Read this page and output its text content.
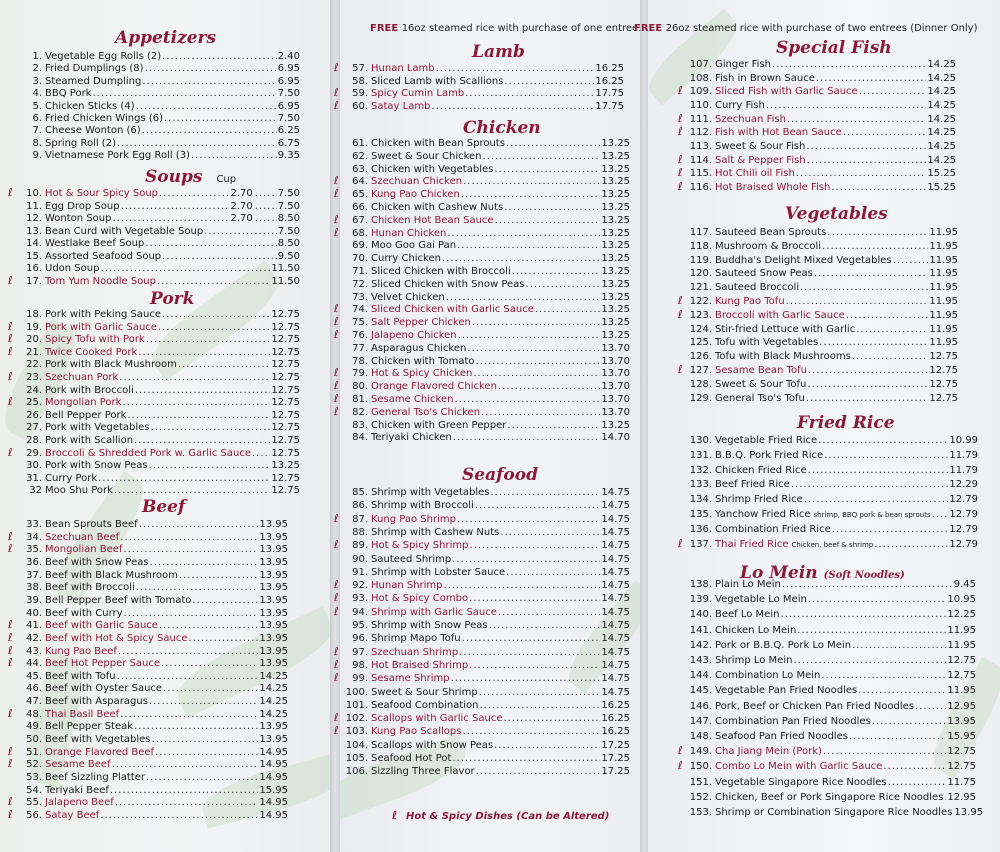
Appetizers
1. Vegetable Egg Rolls (2) .....	2.40
2. Fried Dumplings (8) .....	6.95
3. Steamed Dumpling .....	6.95
4. BBQ Pork .....	7.50
5. Chicken Sticks (4) .....	6.95
6. Fried Chicken Wings (6) .....	7.50
7. Cheese Wonton (6) .....	6.25
8. Spring Roll (2) .....	6.75
9. Vietnamese Pork Egg Roll (3) .....	9.35
Soups Cup
ℓ
10. Hot & Sour Spicy Soup .....	2.70 .....	7.50
11. Egg Drop Soup .....	2.70 .....	7.50
12. Wonton Soup .....	2.70 .....	8.50
13. Bean Curd with Vegetable Soup .....	7.50
14. Westlake Beef Soup .....	8.50
15. Assorted Seafood Soup .....	9.50
16. Udon Soup .....	11.50
ℓ
17. Tom Yum Noodle Soup .....	11.50
Pork
18. Pork with Peking Sauce .....	12.75
ℓ
19. Pork with Garlic Sauce .....	12.75
ℓ
20. Spicy Tofu with Pork .....	12.75
ℓ
21. Twice Cooked Pork .....	12.75
22. Pork with Black Mushroom .....	12.75
ℓ
23. Szechuan Pork .....	12.75
24. Pork with Broccoli .....	12.75
ℓ
25. Mongolian Pork .....	12.75
26. Bell Pepper Pork .....	12.75
27. Pork with Vegetables .....	12.75
28. Pork with Scallion .....	12.75
ℓ
29. Broccoli & Shredded Pork w. Garlic Sauce ..... 12.75
30. Pork with Snow Peas .....	13.25
31. Curry Pork .....	12.75
32 Moo Shu Pork .....	12.75
Beef
33. Bean Sprouts Beef .....	13.95
ℓ
34. Szechuan Beef .....	13.95
ℓ
35. Mongolian Beef .....	13.95
36. Beef with Snow Peas .....	13.95
37. Beef with Black Mushroom .....	13.95
38. Beef with Broccoli .....	13.95
39. Bell Pepper Beef with Tomato .....	13.95
40. Beef with Curry .....	13.95
ℓ
41. Beef with Garlic Sauce .....	13.95
ℓ
42. Beef with Hot & Spicy Sauce .....	13.95
ℓ
43. Kung Pao Beef .....	13.95
ℓ
44. Beef Hot Pepper Sauce .....	13.95
45. Beef with Tofu .....	14.25
46. Beef with Oyster Sauce .....	14.25
47. Beef with Asparagus .....	14.25
ℓ
48. Thai Basil Beef .....	14.25
49. Bell Pepper Steak .....	13.95
50. Beef with Vegetables .....	13.95
ℓ
51. Orange Flavored Beef .....	14.95
ℓ
52. Sesame Beef .....	14.95
53. Beef Sizzling Platter .....	14.95
54. Teriyaki Beef .....	15.95
ℓ
55. Jalapeno Beef .....	14.95
ℓ
56. Satay Beef .....	14.95
Lamb
ℓ
57. Hunan Lamb .....	16.25
58. Sliced Lamb with Scallions .....	16.25
ℓ
59. Spicy Cumin Lamb .....	17.75
ℓ
60. Satay Lamb .....	17.75
Chicken
61. Chicken with Bean Sprouts .....	13.25
62. Sweet & Sour Chicken .....	13.25
63. Chicken with Vegetables .....	13.25
ℓ
64. Szechuan Chicken .....	13.25
ℓ
65. Kung Pao Chicken .....	13.25
66. Chicken with Cashew Nuts .....	13.25
ℓ
67. Chicken Hot Bean Sauce .....	13.25
ℓ
68. Hunan Chicken .....	13.25
69. Moo Goo Gai Pan .....	13.25
70. Curry Chicken .....	13.25
71. Sliced Chicken with Broccoli .....	13.25
72. Sliced Chicken with Snow Peas .....	13.25
73. Velvet Chicken .....	13.25
ℓ
74. Sliced Chicken with Garlic Sauce .....	13.25
ℓ
75. Salt Pepper Chicken .....	13.25
ℓ
76. Jalapeno Chicken .....	13.25
77. Asparagus Chicken .....	13.70
78. Chicken with Tomato .....	13.70
ℓ
79. Hot & Spicy Chicken .....	13.70
ℓ
80. Orange Flavored Chicken .....	13.70
ℓ
81. Sesame Chicken .....	13.70
ℓ
82. General Tso's Chicken .....	13.70
83. Chicken with Green Pepper .....	13.25
84. Teriyaki Chicken .....	14.70
Seafood
85. Shrimp with Vegetables .....	14.75
86. Shrimp with Broccoli .....	14.75
ℓ
87. Kung Pao Shrimp .....	14.75
88. Shrimp with Cashew Nuts .....	14.75
ℓ
89. Hot & Spicy Shrimp .....	14.75
90. Sauteed Shrimp .....	14.75
91. Shrimp with Lobster Sauce .....	14.75
ℓ
92. Hunan Shrimp .....	14.75
ℓ
93. Hot & Spicy Combo .....	14.75
ℓ
94. Shrimp with Garlic Sauce .....	14.75
95. Shrimp with Snow Peas .....	14.75
96. Shrimp Mapo Tofu .....	14.75
ℓ
97. Szechuan Shrimp .....	14.75
ℓ
98. Hot Braised Shrimp .....	14.75
ℓ
99. Sesame Shrimp .....	14.75
100. Sweet & Sour Shrimp .....	14.75
101. Seafood Combination .....	16.25
ℓ
102. Scallops with Garlic Sauce .....	16.25
ℓ
103. Kung Pao Scallops .....	16.25
104. Scallops with Snow Peas .....	17.25
105. Seafood Hot Pot .....	17.25
106. Sizzling Three Flavor .....	17.25
Special Fish
107. Ginger Fish .....	14.25
108. Fish in Brown Sauce .....	14.25
ℓ
109. Sliced Fish with Garlic Sauce .....	14.25
110. Curry Fish .....	14.25
ℓ
111. Szechuan Fish .....	14.25
ℓ
112. Fish with Hot Bean Sauce .....	14.25
113. Sweet & Sour Fish .....	14.25
ℓ
114. Salt & Pepper Fish .....	14.25
ℓ
115. Hot Chili oil Fish .....	15.25
ℓ
116. Hot Braised Whole Fish .....	15.25
Vegetables
117. Sauteed Bean Sprouts .....	11.95
118. Mushroom & Broccoli .....	11.95
119. Buddha's Delight Mixed Vegetables .....	11.95
120. Sauteed Snow Peas .....	11.95
121. Sauteed Broccoli .....	11.95
ℓ
122. Kung Pao Tofu .....	11.95
ℓ
123. Broccoli with Garlic Sauce .....	11.95
124. Stir-fried Lettuce with Garlic .....	11.95
125. Tofu with Vegetables .....	11.95
126. Tofu with Black Mushrooms .....	12.75
ℓ
127. Sesame Bean Tofu .....	12.75
128. Sweet & Sour Tofu .....	12.75
129. General Tso's Tofu .....	12.75
Fried Rice
130. Vegetable Fried Rice .....	10.99
131. B.B.Q. Pork Fried Rice .....	11.79
132. Chicken Fried Rice .....	11.79
133. Beef Fried Rice .....	12.29
134. Shrimp Fried Rice .....	12.79
135. Yanchow Fried Rice shrimp, BBQ pork & bean sprouts ..... 12.79
136. Combination Fried Rice .....	12.79
ℓ
137. Thai Fried Rice Chicken, beef & shrimp .....	12.79
Lo Mein (Soft Noodles)
138. Plain Lo Mein .....	9.45
139. Vegetable Lo Mein .....	10.95
140. Beef Lo Mein .....	12.25
141. Chicken Lo Mein .....	11.95
142. Pork or B.B.Q. Pork Lo Mein .....	11.95
143. Shrimp Lo Mein .....	12.75
144. Combination Lo Mein .....	12.75
145. Vegetable Pan Fried Noodles .....	11.95
146. Pork, Beef or Chicken Pan Fried Noodles .....	12.95
147. Combination Pan Fried Noodles .....	13.95
148. Seafood Pan Fried Noodles .....	15.95
ℓ
149. Cha Jiang Mein (Pork) .....	12.75
ℓ
150. Combo Lo Mein with Garlic Sauce .....	12.75
151. Vegetable Singapore Rice Noodles .....	11.75
152. Chicken, Beef or Pork Singapore Rice Noodles ..... 12.95
153. Shrimp or Combination Singapore Rice Noodles 13.95
FREE 16oz steamed rice with purchase of one entree.
FREE 26oz steamed rice with purchase of two entrees (Dinner Only)
ℓHot & Spicy Dishes (Can be Altered)
